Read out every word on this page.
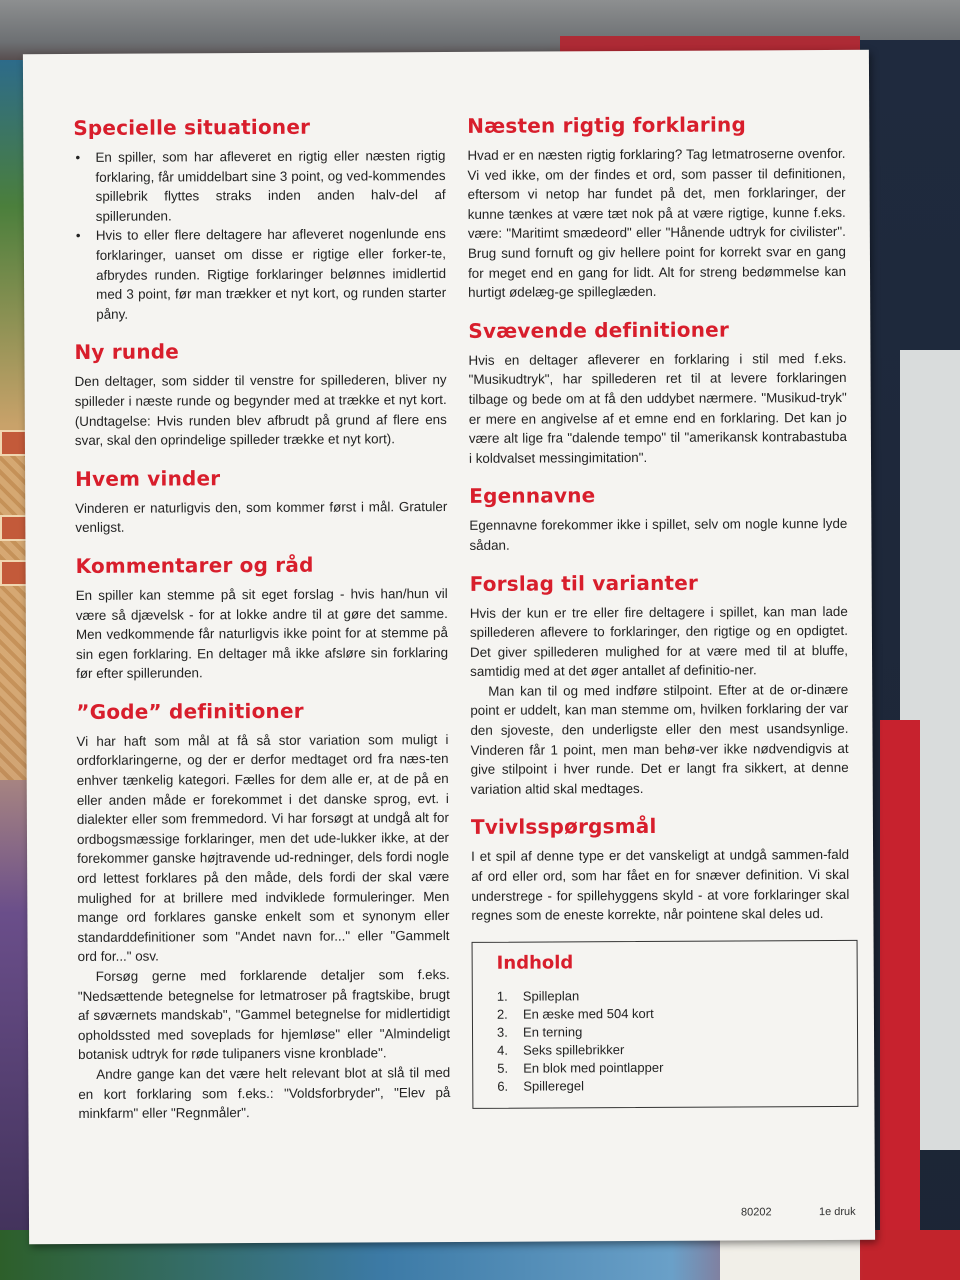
Specielle situationer
• En spiller, som har afleveret en rigtig eller næsten rigtig forklaring, får umiddelbart sine 3 point, og ved-kommendes spillebrik flyttes straks inden anden halv-del af spillerunden.
• Hvis to eller flere deltagere har afleveret nogenlunde ens forklaringer, uanset om disse er rigtige eller forker-te, afbrydes runden. Rigtige forklaringer belønnes imidlertid med 3 point, før man trækker et nyt kort, og runden starter påny.
Ny runde

Den deltager, som sidder til venstre for spillederen, bliver ny spilleder i næste runde og begynder med at trække et nyt kort. (Undtagelse: Hvis runden blev afbrudt på grund af flere ens svar, skal den oprindelige spilleder trække et nyt kort).

Hvem vinder

Vinderen er naturligvis den, som kommer først i mål. Gratuler venligst.

Kommentarer og råd

En spiller kan stemme på sit eget forslag - hvis han/hun vil være så djævelsk - for at lokke andre til at gøre det samme. Men vedkommende får naturligvis ikke point for at stemme på sin egen forklaring. En deltager må ikke afsløre sin forklaring før efter spillerunden.

”Gode” definitioner

Vi har haft som mål at få så stor variation som muligt i ordforklaringerne, og der er derfor medtaget ord fra næs-ten enhver tænkelig kategori. Fælles for dem alle er, at de på en eller anden måde er forekommet i det danske sprog, evt. i dialekter eller som fremmedord. Vi har forsøgt at undgå alt for ordbogsmæssige forklaringer, men det ude-lukker ikke, at der forekommer ganske højtravende ud-redninger, dels fordi nogle ord lettest forklares på den måde, dels fordi der skal være mulighed for at brillere med indviklede formuleringer. Men mange ord forklares ganske enkelt som et synonym eller standarddefinitioner som "Andet navn for..." eller "Gammelt ord for..." osv.

Forsøg gerne med forklarende detaljer som f.eks. "Nedsættende betegnelse for letmatroser på fragtskibe, brugt af søværnets mandskab", "Gammel betegnelse for midlertidigt opholdssted med soveplads for hjemløse" eller "Almindeligt botanisk udtryk for røde tulipaners visne kronblade".

Andre gange kan det være helt relevant blot at slå til med en kort forklaring som f.eks.: "Voldsforbryder", "Elev på minkfarm" eller "Regnmåler".

Næsten rigtig forklaring

Hvad er en næsten rigtig forklaring? Tag letmatroserne ovenfor. Vi ved ikke, om der findes et ord, som passer til definitionen, eftersom vi netop har fundet på det, men forklaringer, der kunne tænkes at være tæt nok på at være rigtige, kunne f.eks. være: "Maritimt smædeord" eller "Hånende udtryk for civilister". Brug sund fornuft og giv hellere point for korrekt svar en gang for meget end en gang for lidt. Alt for streng bedømmelse kan hurtigt ødelæg-ge spilleglæden.

Svævende definitioner

Hvis en deltager afleverer en forklaring i stil med f.eks. "Musikudtryk", har spillederen ret til at levere forklaringen tilbage og bede om at få den uddybet nærmere. "Musikud-tryk" er mere en angivelse af et emne end en forklaring. Det kan jo være alt lige fra "dalende tempo" til "amerikansk kontrabastuba i koldvalset messingimitation".

Egennavne

Egennavne forekommer ikke i spillet, selv om nogle kunne lyde sådan.

Forslag til varianter

Hvis der kun er tre eller fire deltagere i spillet, kan man lade spillederen aflevere to forklaringer, den rigtige og en opdigtet. Det giver spillederen mulighed for at være med til at bluffe, samtidig med at det øger antallet af definitio-ner.

Man kan til og med indføre stilpoint. Efter at de or-dinære point er uddelt, kan man stemme om, hvilken forklaring der var den sjoveste, den underligste eller den mest usandsynlige. Vinderen får 1 point, men man behø-ver ikke nødvendigvis at give stilpoint i hver runde. Det er langt fra sikkert, at denne variation altid skal medtages.

Tvivlsspørgsmål

I et spil af denne type er det vanskeligt at undgå sammen-fald af ord eller ord, som har fået en for snæver definition. Vi skal understrege - for spillehyggens skyld - at vore forklaringer skal regnes som de eneste korrekte, når pointene skal deles ud.

Indhold
1. Spilleplan
2. En æske med 504 kort
3. En terning
4. Seks spillebrikker
5. En blok med pointlapper
6. Spilleregel
80202	1e druk
